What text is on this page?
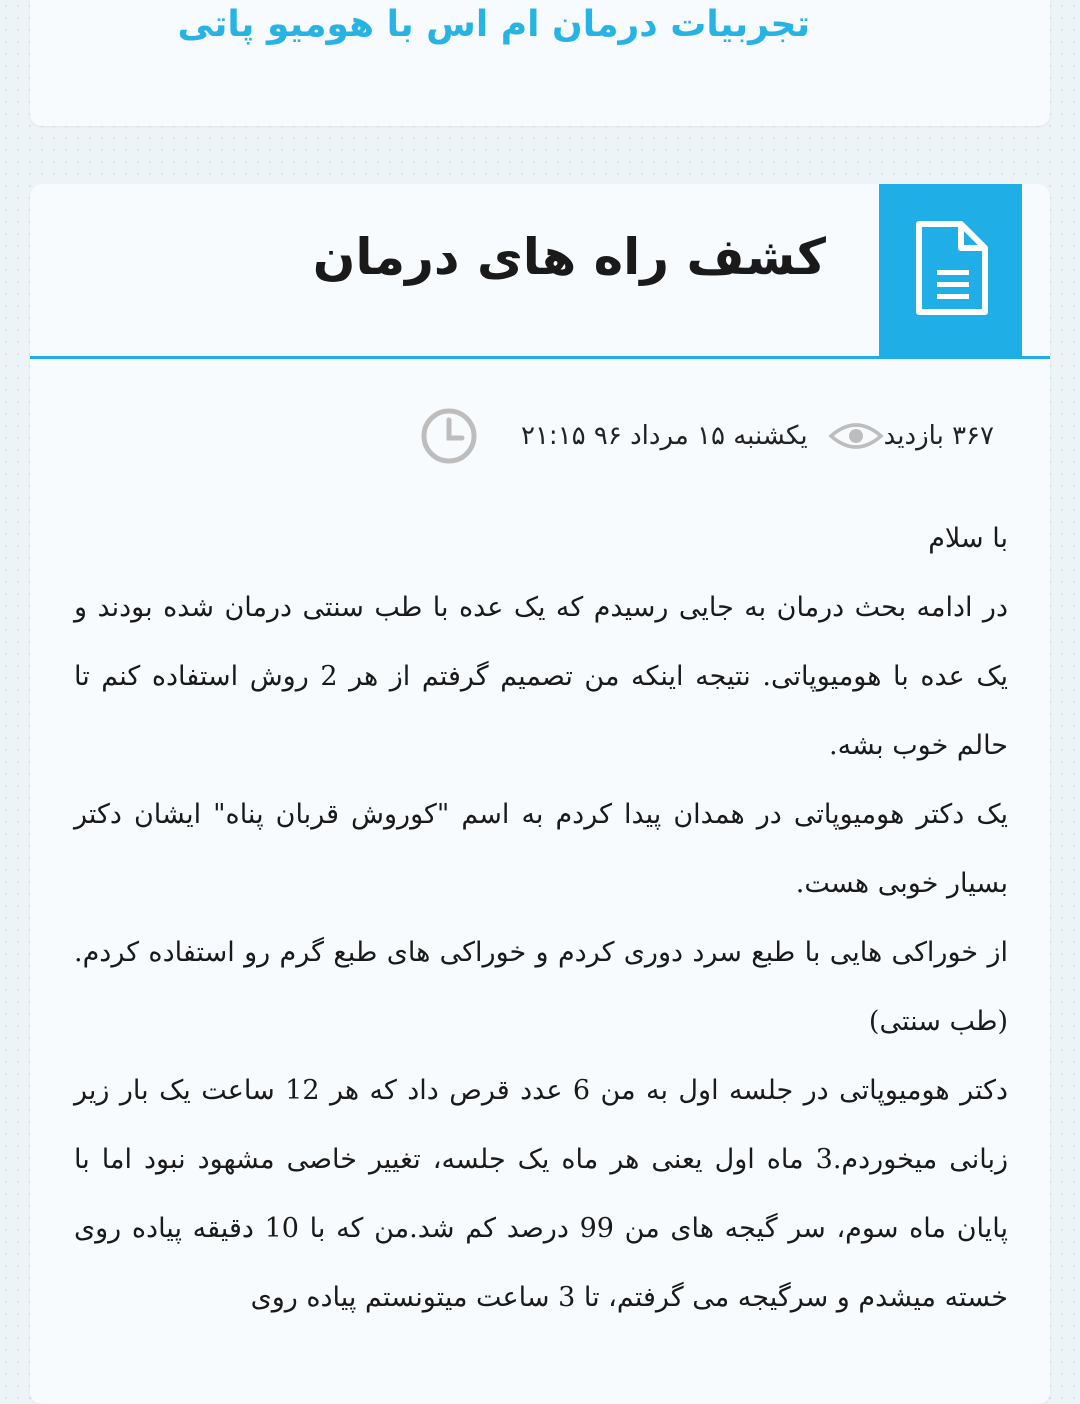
تجربیات درمان ام اس با هومیو پاتی
کشف راه های درمان
یکشنبه ۱۵ مرداد ۹۶ ۲۱:۱۵	۳۶۷ بازدید

با سلام

در ادامه بحث درمان به جایی رسیدم که یک عده با طب سنتی درمان شده بودند و یک عده با هومیوپاتی. نتیجه اینکه من تصمیم گرفتم از هر 2 روش استفاده کنم تا حالم خوب بشه.

یک دکتر هومیوپاتی در همدان پیدا کردم به اسم "کوروش قربان پناه" ایشان دکتر بسیار خوبی هست.

از خوراکی هایی با طبع سرد دوری کردم و خوراکی های طبع گرم رو استفاده کردم.(طب سنتی)

دکتر هومیوپاتی در جلسه اول به من 6 عدد قرص داد که هر 12 ساعت یک بار زیر زبانی میخوردم.3 ماه اول یعنی هر ماه یک جلسه، تغییر خاصی مشهود نبود اما با پایان ماه سوم، سر گیجه های من 99 درصد کم شد.من که با 10 دقیقه پیاده روی خسته میشدم و سرگیجه می گرفتم، تا 3 ساعت میتونستم پیاده روی
